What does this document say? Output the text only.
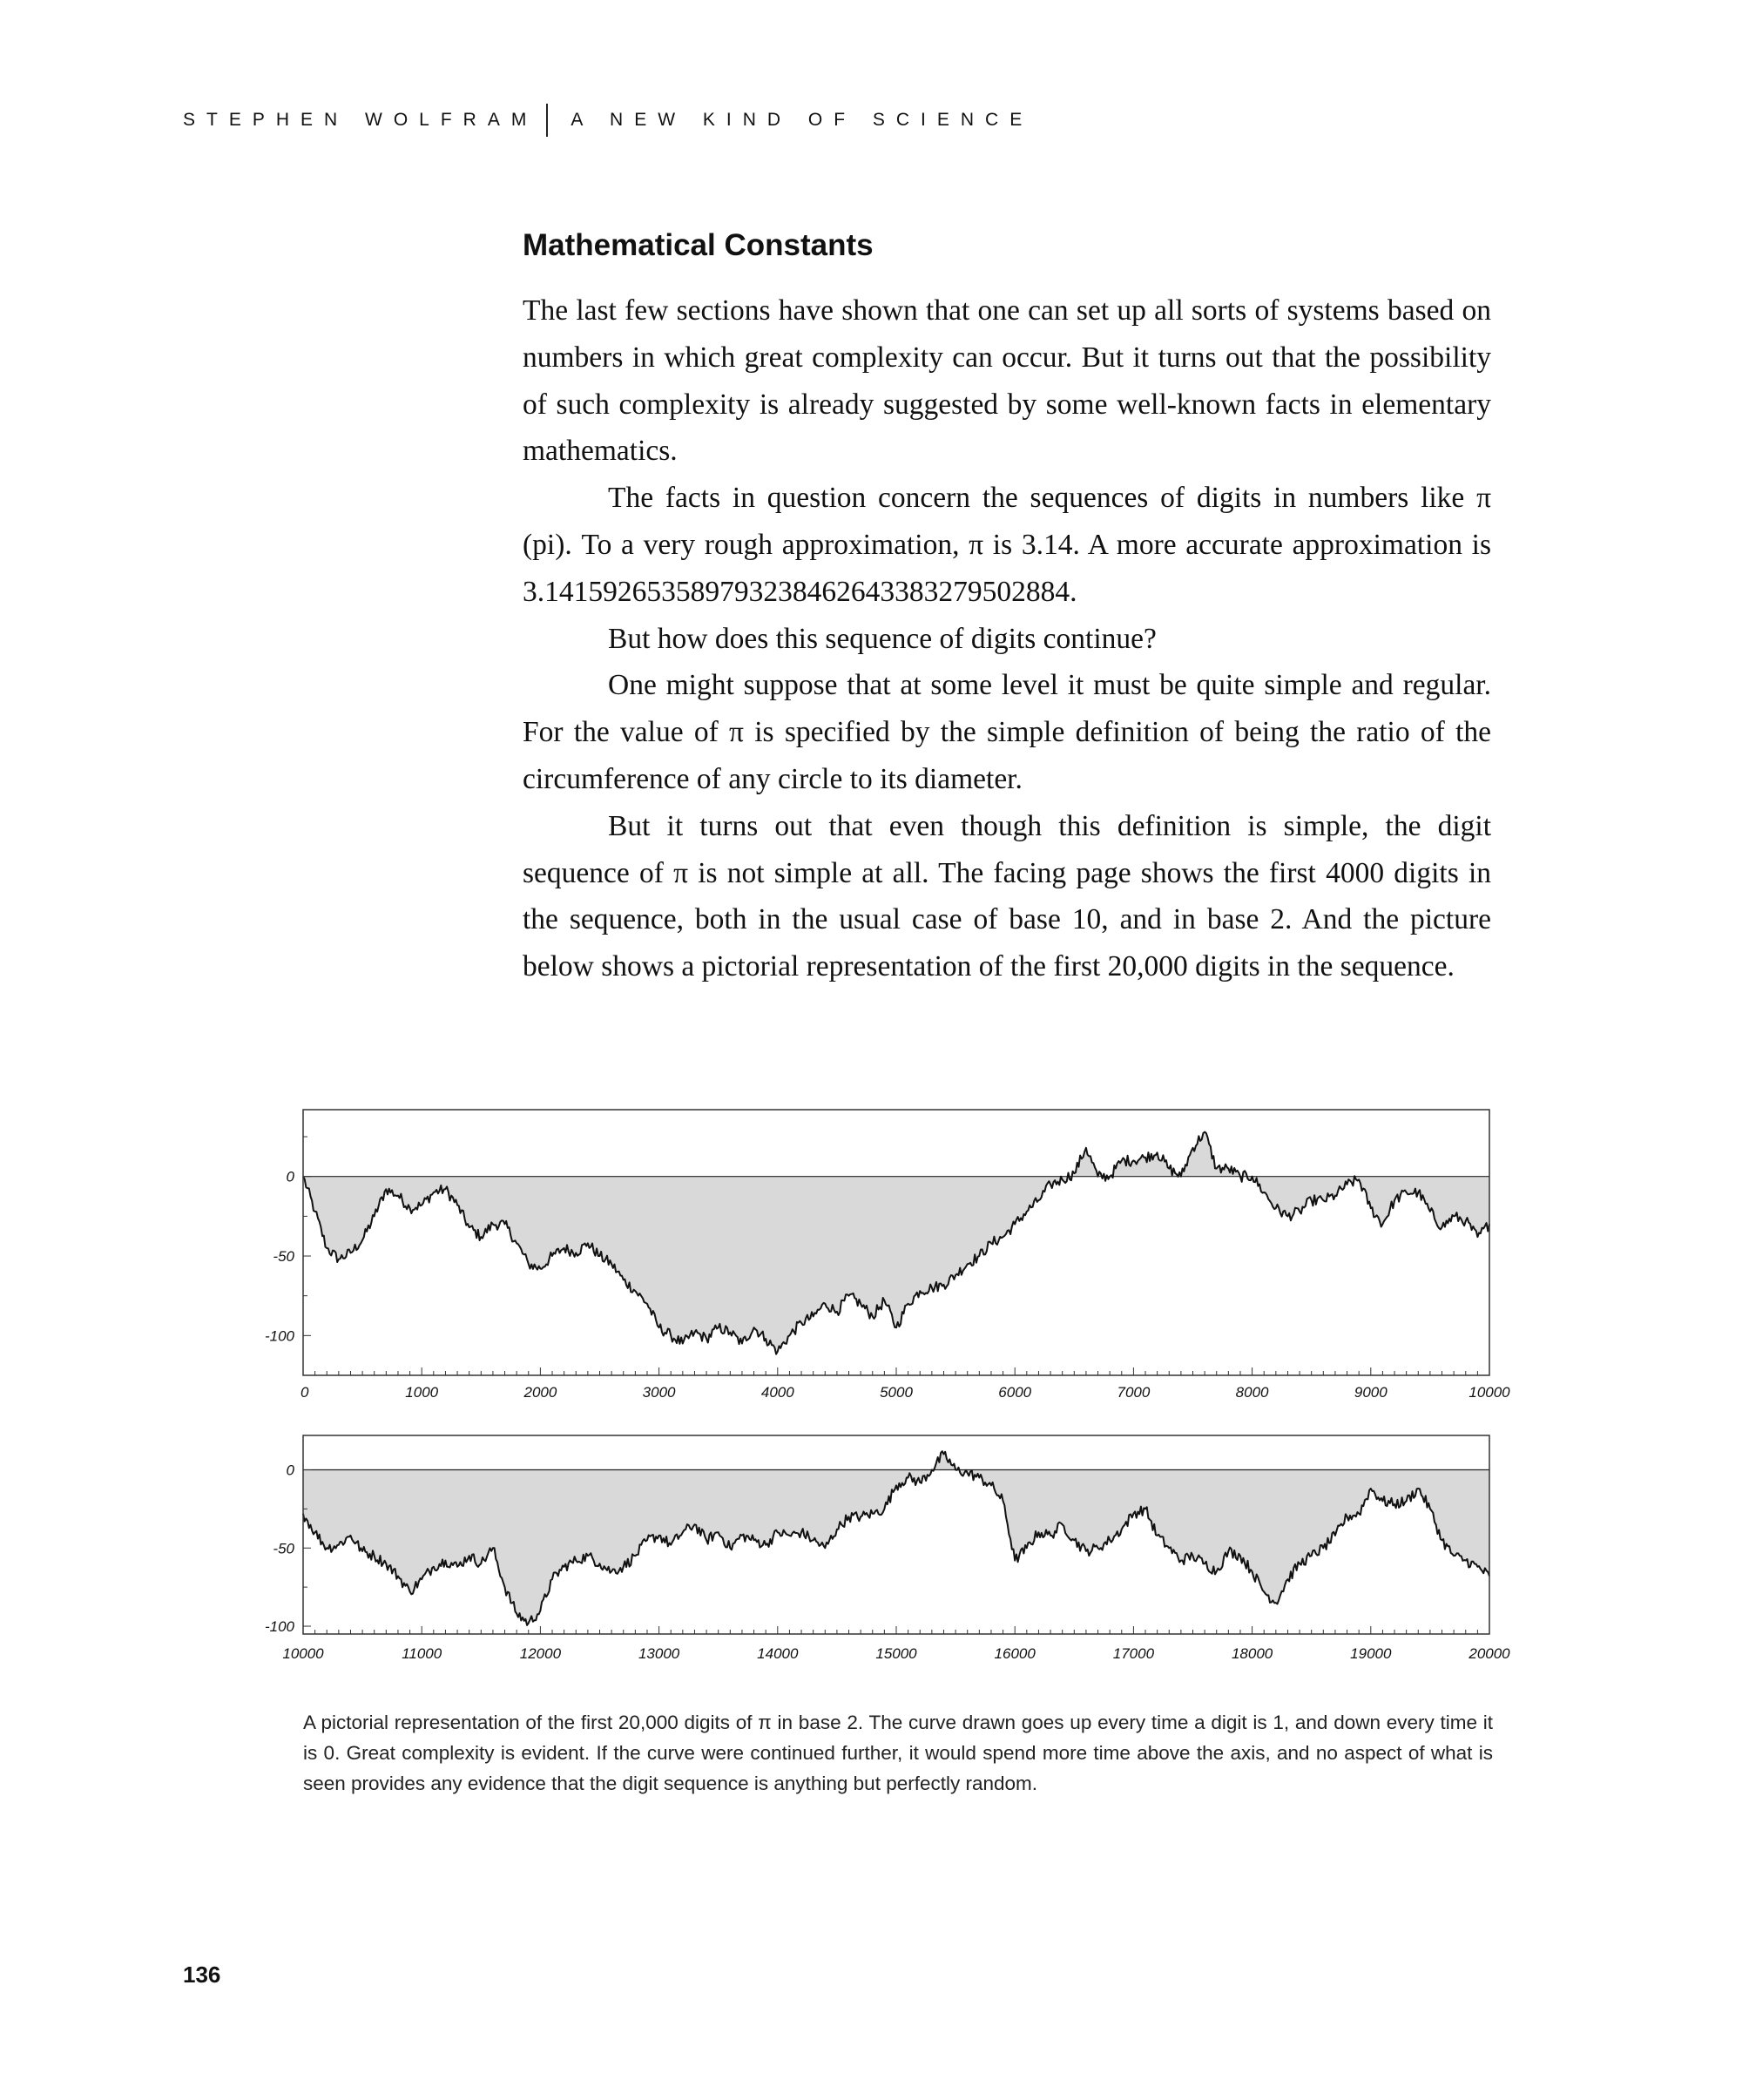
STEPHEN WOLFRAM A NEW KIND OF SCIENCE
Mathematical Constants

The last few sections have shown that one can set up all sorts of systems based on numbers in which great complexity can occur. But it turns out that the possibility of such complexity is already suggested by some well-known facts in elementary mathematics.

The facts in question concern the sequences of digits in numbers like π (pi). To a very rough approximation, π is 3.14. A more accurate approximation is 3.141592653589793238462643383279502884.

But how does this sequence of digits continue?

One might suppose that at some level it must be quite simple and regular. For the value of π is specified by the simple definition of being the ratio of the circumference of any circle to its diameter.

But it turns out that even though this definition is simple, the digit sequence of π is not simple at all. The facing page shows the first 4000 digits in the sequence, both in the usual case of base 10, and in base 2. And the picture below shows a pictorial representation of the first 20,000 digits in the sequence.

0	1000	2000	3000	4000	5000	6000	7000	8000	9000	10000
0
-50
-100
10000	11000	12000	13000	14000	15000	16000	17000	18000	19000	20000
0
-50
-100

A pictorial representation of the first 20,000 digits of π in base 2. The curve drawn goes up every time a digit is 1, and down every time it is 0. Great complexity is evident. If the curve were continued further, it would spend more time above the axis, and no aspect of what is seen provides any evidence that the digit sequence is anything but perfectly random.

136
